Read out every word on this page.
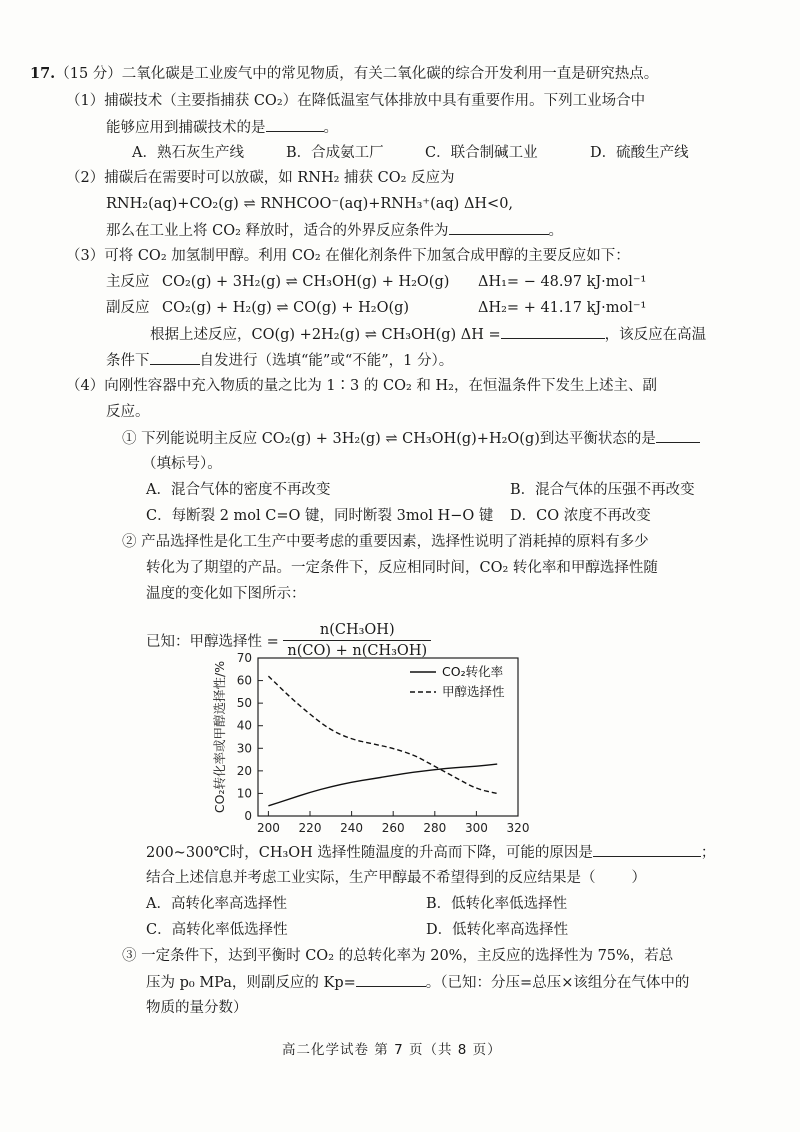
17.（15 分）二氧化碳是工业废气中的常见物质，有关二氧化碳的综合开发利用一直是研究热点。
（1）捕碳技术（主要指捕获 CO₂）在降低温室气体排放中具有重要作用。下列工业场合中
能够应用到捕碳技术的是	。
A．熟石灰生产线	B．合成氨工厂	C．联合制碱工业	D．硫酸生产线
（2）捕碳后在需要时可以放碳，如 RNH₂ 捕获 CO₂ 反应为
RNH₂(aq)+CO₂(g) ⇌ RNHCOO⁻(aq)+RNH₃⁺(aq) ΔH<0,
那么在工业上将 CO₂ 释放时，适合的外界反应条件为	。
（3）可将 CO₂ 加氢制甲醇。利用 CO₂ 在催化剂条件下加氢合成甲醇的主要反应如下：
主反应 CO₂(g) + 3H₂(g) ⇌ CH₃OH(g) + H₂O(g) ΔH₁= − 48.97 kJ·mol⁻¹
副反应 CO₂(g) + H₂(g) ⇌ CO(g) + H₂O(g)	ΔH₂= + 41.17 kJ·mol⁻¹
根据上述反应，CO(g) +2H₂(g) ⇌ CH₃OH(g) ΔH =	，该反应在高温
条件下	自发进行（选填“能”或“不能”，1 分）。
（4）向刚性容器中充入物质的量之比为 1∶3 的 CO₂ 和 H₂，在恒温条件下发生上述主、副
反应。
① 下列能说明主反应 CO₂(g) + 3H₂(g) ⇌ CH₃OH(g)+H₂O(g)到达平衡状态的是
（填标号）。
A．混合气体的密度不再改变	B．混合气体的压强不再改变
C．每断裂 2 mol C=O 键，同时断裂 3mol H−O 键 D．CO 浓度不再改变
② 产品选择性是化工生产中要考虑的重要因素，选择性说明了消耗掉的原料有多少
转化为了期望的产品。一定条件下，反应相同时间，CO₂ 转化率和甲醇选择性随
温度的变化如下图所示：
已知：甲醇选择性 = $\frac{\text{n(CH₃OH)}}{\text{n(CO) + n(CH₃OH)}}$
0
10
20
30
40
50
60
70
200 220 240 260 280 300 320
CO₂转化率或甲醇选择性/%	CO₂转化率
甲醇选择性
200~300℃时，CH₃OH 选择性随温度的升高而下降，可能的原因是	；
结合上述信息并考虑工业实际，生产甲醇最不希望得到的反应结果是（ ）
A．高转化率高选择性	B．低转化率低选择性
C．高转化率低选择性	D．低转化率高选择性
③ 一定条件下，达到平衡时 CO₂ 的总转化率为 20%，主反应的选择性为 75%，若总
压为 p₀ MPa，则副反应的 Kp=	。（已知：分压=总压×该组分在气体中的
物质的量分数）
高二化学试卷 第 7 页（共 8 页）
